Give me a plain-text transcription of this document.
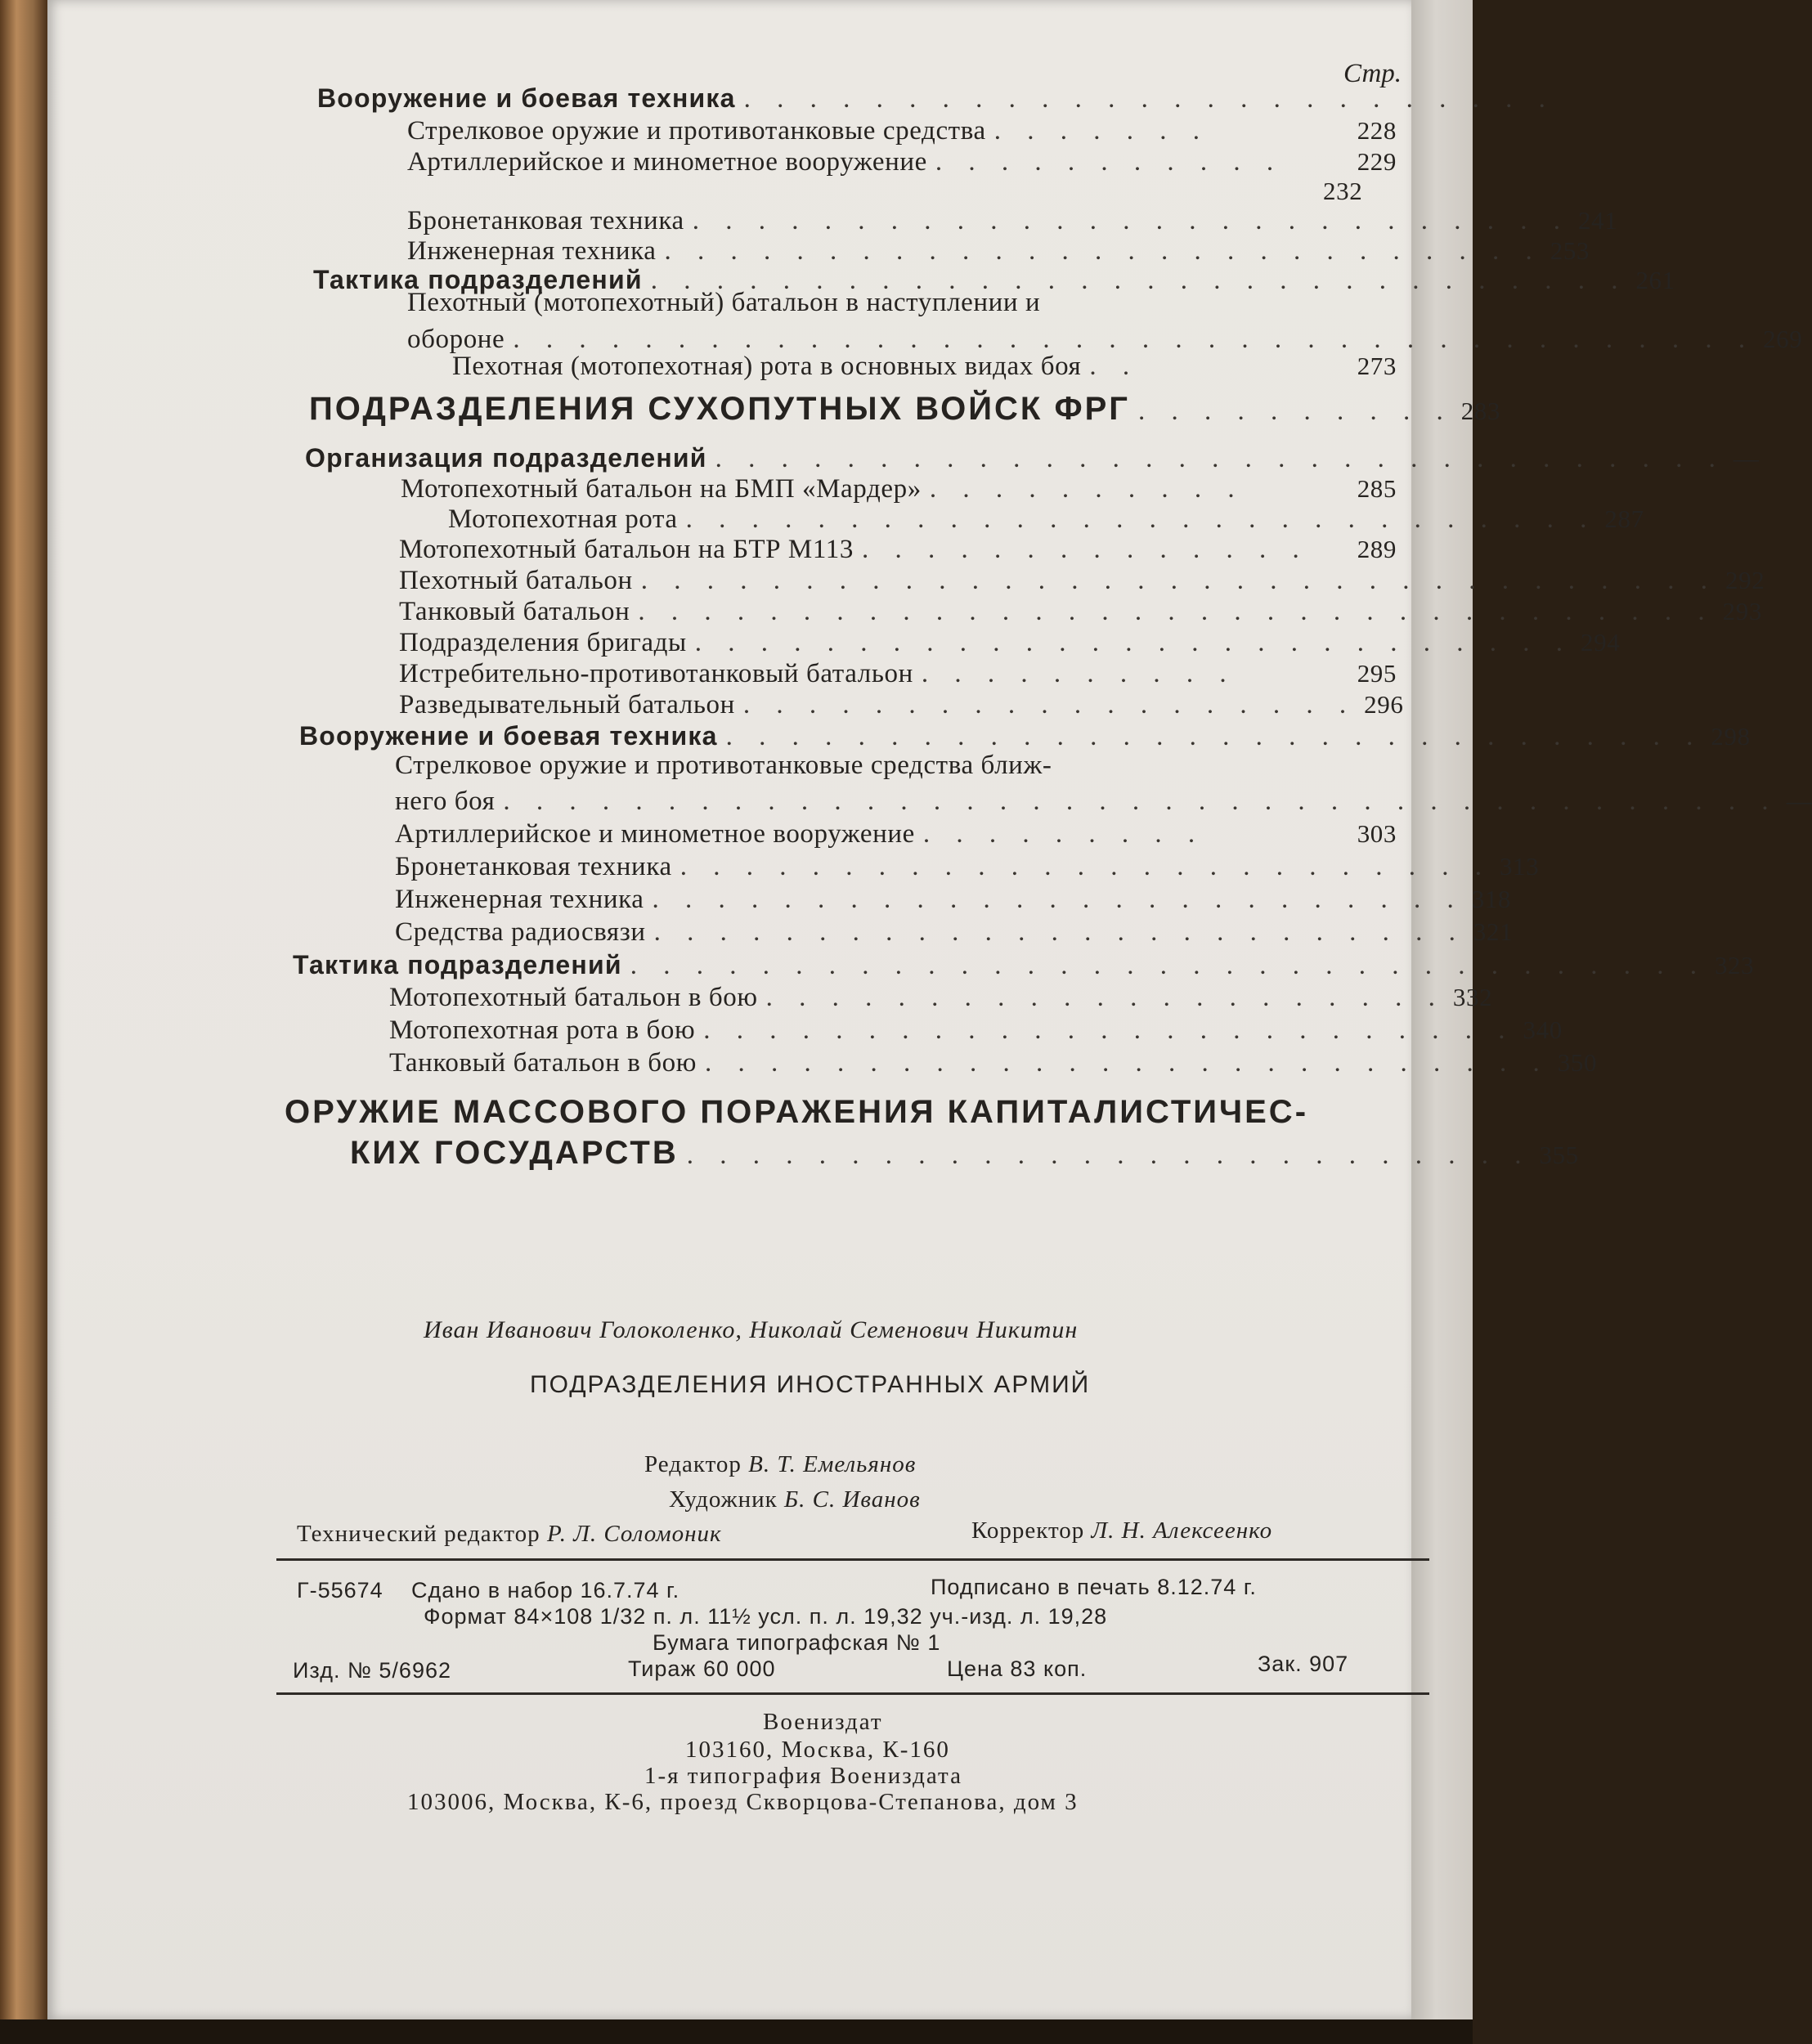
Стр.
Вооружение и боевая техника . . . . . . . . . . . . . . . . . . . . . . . . .
Стрелковое оружие и противотанковые средства . . . . . . .	228
Артиллерийское и минометное вооружение . . . . . . . . . . .	229
232
Бронетанковая техника . . . . . . . . . . . . . . . . . . . . . . . . . . . 241
Инженерная техника . . . . . . . . . . . . . . . . . . . . . . . . . . . 253
Тактика подразделений . . . . . . . . . . . . . . . . . . . . . . . . . . . . . . 261
Пехотный (мотопехотный) батальон в наступлении и
обороне . . . . . . . . . . . . . . . . . . . . . . . . . . . . . . . . . . . . . . 269
Пехотная (мотопехотная) рота в основных видах боя . .	273
ПОДРАЗДЕЛЕНИЯ СУХОПУТНЫХ ВОЙСК ФРГ . . . . . . . . . . 283
Организация подразделений . . . . . . . . . . . . . . . . . . . . . . . . . . . . . . . —
Мотопехотный батальон на БМП «Мардер» . . . . . . . . . .	285
Мотопехотная рота . . . . . . . . . . . . . . . . . . . . . . . . . . . . 287
Мотопехотный батальон на БТР М113 . . . . . . . . . . . . . .	289
Пехотный батальон . . . . . . . . . . . . . . . . . . . . . . . . . . . . . . . . . 292
Танковый батальон . . . . . . . . . . . . . . . . . . . . . . . . . . . . . . . . . 293
Подразделения бригады . . . . . . . . . . . . . . . . . . . . . . . . . . . 294
Истребительно-противотанковый батальон . . . . . . . . . .	295
Разведывательный батальон . . . . . . . . . . . . . . . . . . . 296
Вооружение и боевая техника . . . . . . . . . . . . . . . . . . . . . . . . . . . . . . 298
Стрелковое оружие и противотанковые средства ближ-
него боя . . . . . . . . . . . . . . . . . . . . . . . . . . . . . . . . . . . . . . . —
Артиллерийское и минометное вооружение . . . . . . . . .	303
Бронетанковая техника . . . . . . . . . . . . . . . . . . . . . . . . . 313
Инженерная техника . . . . . . . . . . . . . . . . . . . . . . . . . 318
Средства радиосвязи . . . . . . . . . . . . . . . . . . . . . . . . . 321
Тактика подразделений . . . . . . . . . . . . . . . . . . . . . . . . . . . . . . . . . 323
Мотопехотный батальон в бою . . . . . . . . . . . . . . . . . . . . . 332
Мотопехотная рота в бою . . . . . . . . . . . . . . . . . . . . . . . . . 340
Танковый батальон в бою . . . . . . . . . . . . . . . . . . . . . . . . . . 350
ОРУЖИЕ МАССОВОГО ПОРАЖЕНИЯ КАПИТАЛИСТИЧЕС-
КИХ ГОСУДАРСТВ . . . . . . . . . . . . . . . . . . . . . . . . . . 355
Иван Иванович Голоколенко, Николай Семенович Никитин
ПОДРАЗДЕЛЕНИЯ ИНОСТРАННЫХ АРМИЙ
Редактор В. Т. Емельянов
Художник Б. С. Иванов
Технический редактор Р. Л. Соломоник	Корректор Л. Н. Алексеенко
Г-55674 Сдано в набор 16.7.74 г.	Подписано в печать 8.12.74 г.
Формат 84×108 1/32 п. л. 11½ усл. п. л. 19,32 уч.-изд. л. 19,28
Бумага типографская № 1
Изд. № 5/6962	Тираж 60 000	Цена 83 коп.	Зак. 907
Воениздат
103160, Москва, К-160
1-я типография Воениздата
103006, Москва, К-6, проезд Скворцова-Степанова, дом 3
